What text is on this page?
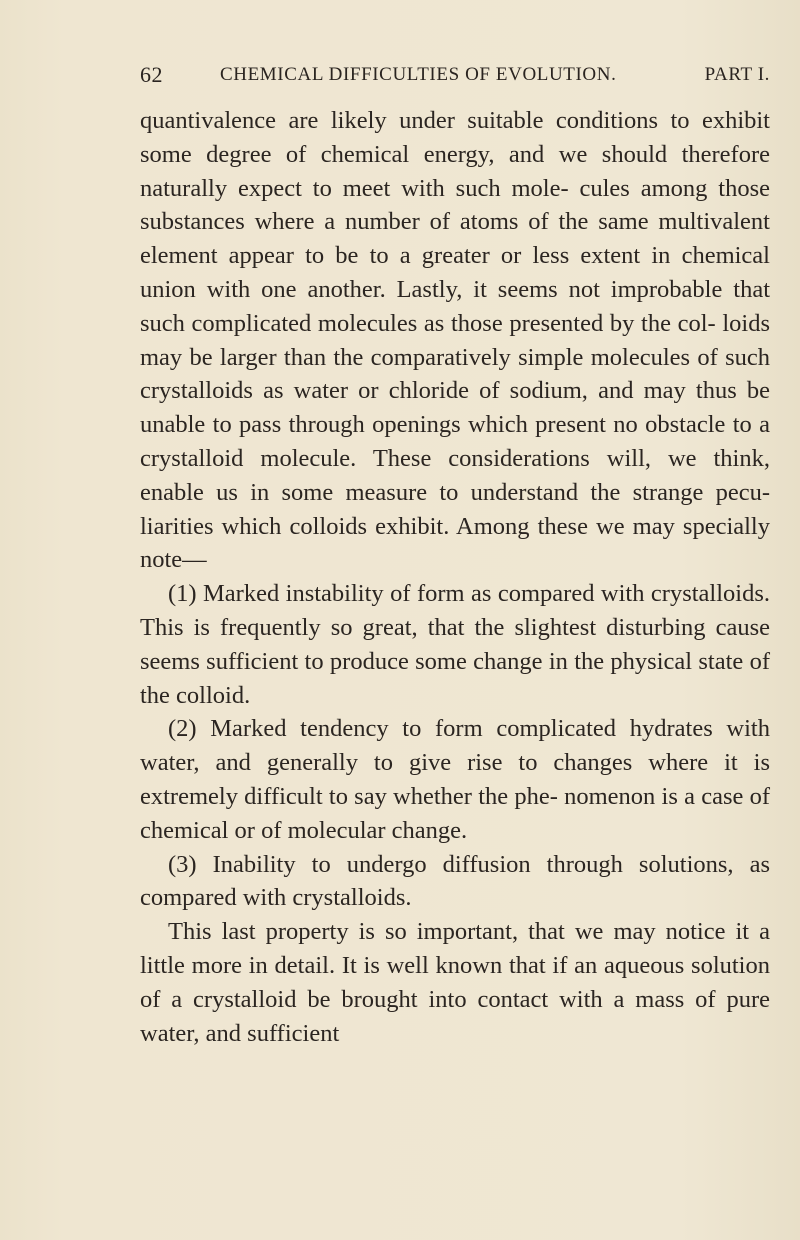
62	CHEMICAL DIFFICULTIES OF EVOLUTION.	PART I.

quantivalence are likely under suitable conditions to exhibit some degree of chemical energy, and we should therefore naturally expect to meet with such mole- cules among those substances where a number of atoms of the same multivalent element appear to be to a greater or less extent in chemical union with one another. Lastly, it seems not improbable that such complicated molecules as those presented by the col- loids may be larger than the comparatively simple molecules of such crystalloids as water or chloride of sodium, and may thus be unable to pass through openings which present no obstacle to a crystalloid molecule. These considerations will, we think, enable us in some measure to understand the strange pecu- liarities which colloids exhibit. Among these we may specially note—

(1) Marked instability of form as compared with crystalloids. This is frequently so great, that the slightest disturbing cause seems sufficient to produce some change in the physical state of the colloid.

(2) Marked tendency to form complicated hydrates with water, and generally to give rise to changes where it is extremely difficult to say whether the phe- nomenon is a case of chemical or of molecular change.

(3) Inability to undergo diffusion through solutions, as compared with crystalloids.

This last property is so important, that we may notice it a little more in detail. It is well known that if an aqueous solution of a crystalloid be brought into contact with a mass of pure water, and sufficient
